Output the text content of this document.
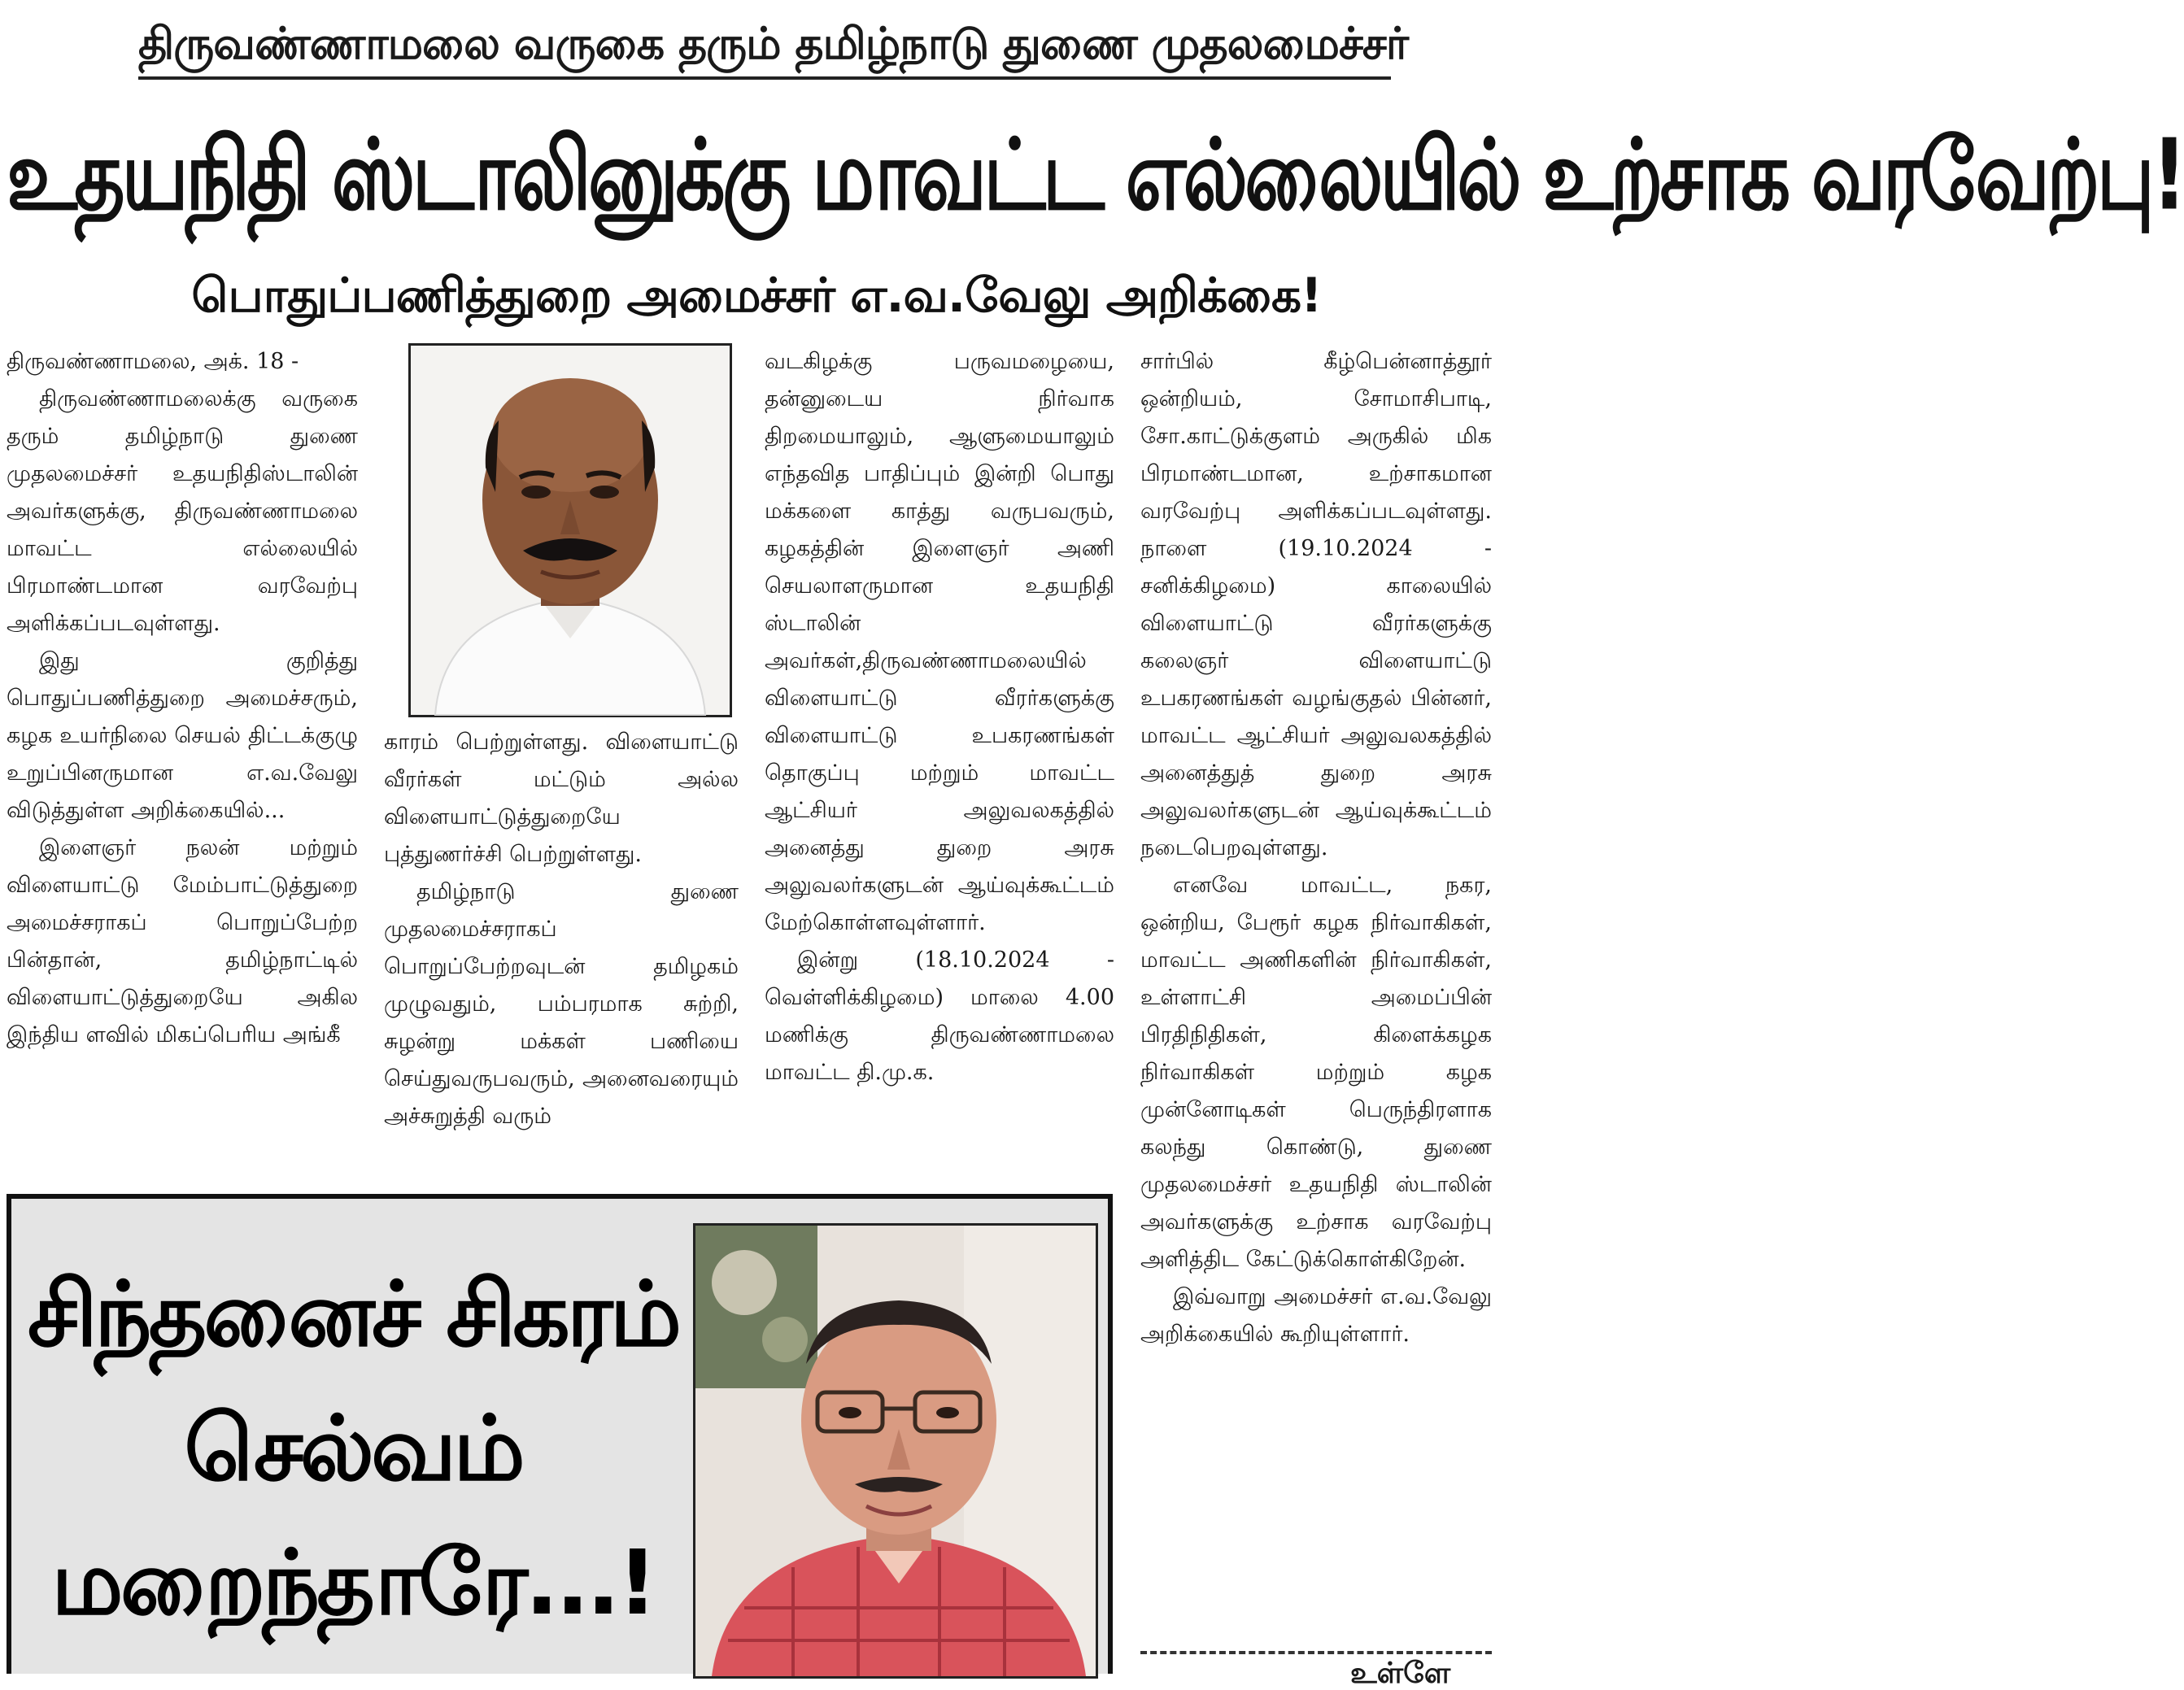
திருவண்ணாமலை வருகை தரும் தமிழ்நாடு துணை முதலமைச்சர்
உதயநிதி ஸ்டாலினுக்கு மாவட்ட எல்லையில் உற்சாக வரவேற்பு!
பொதுப்பணித்துறை அமைச்சர் எ.வ.வேலு அறிக்கை!

திருவண்ணாமலை, அக். 18 -

திருவண்ணாமலைக்கு வருகை தரும் தமிழ்நாடு துணை முதலமைச்சர் உதயநிதிஸ்டாலின் அவர்களுக்கு, திருவண்ணாமலை மாவட்ட எல்லையில் பிரமாண்டமான வரவேற்பு அளிக்கப்படவுள்ளது.

இது குறித்து பொதுப்பணித்துறை அமைச்சரும், கழக உயர்நிலை செயல் திட்டக்குழு உறுப்பினருமான எ.வ.வேலு விடுத்துள்ள அறிக்கையில்...

இளைஞர் நலன் மற்றும் விளையாட்டு மேம்பாட்டுத்துறை அமைச்சராகப் பொறுப்பேற்ற பின்தான், தமிழ்நாட்டில் விளையாட்டுத்துறையே அகில இந்திய ளவில் மிகப்பெரிய அங்கீ

காரம் பெற்றுள்ளது. விளையாட்டு வீரர்கள் மட்டும் அல்ல விளையாட்டுத்துறையே புத்துணர்ச்சி பெற்றுள்ளது.

தமிழ்நாடு துணை முதலமைச்சராகப் பொறுப்பேற்றவுடன் தமிழகம் முழுவதும், பம்பரமாக சுற்றி, சுழன்று மக்கள் பணியை செய்துவருபவரும், அனைவரையும் அச்சுறுத்தி வரும்

வடகிழக்கு பருவமழையை, தன்னுடைய நிர்வாக திறமையாலும், ஆளுமையாலும் எந்தவித பாதிப்பும் இன்றி பொது மக்களை காத்து வருபவரும், கழகத்தின் இளைஞர் அணி செயலாளருமான உதயநிதி ஸ்டாலின் அவர்கள்,திருவண்ணாமலையில் விளையாட்டு வீரர்களுக்கு விளையாட்டு உபகரணங்கள் தொகுப்பு மற்றும் மாவட்ட ஆட்சியர் அலுவலகத்தில் அனைத்து துறை அரசு அலுவலர்களுடன் ஆய்வுக்கூட்டம் மேற்கொள்ளவுள்ளார்.

இன்று (18.10.2024 - வெள்ளிக்கிழமை) மாலை 4.00 மணிக்கு திருவண்ணாமலை மாவட்ட தி.மு.க.

சார்பில் கீழ்பென்னாத்தூர் ஒன்றியம், சோமாசிபாடி, சோ.காட்டுக்குளம் அருகில் மிக பிரமாண்டமான, உற்சாகமான வரவேற்பு அளிக்கப்படவுள்ளது. நாளை (19.10.2024 - சனிக்கிழமை) காலையில் விளையாட்டு வீரர்களுக்கு கலைஞர் விளையாட்டு உபகரணங்கள் வழங்குதல் பின்னர், மாவட்ட ஆட்சியர் அலுவலகத்தில் அனைத்துத் துறை அரசு அலுவலர்களுடன் ஆய்வுக்கூட்டம் நடைபெறவுள்ளது.

எனவே மாவட்ட, நகர, ஒன்றிய, பேரூர் கழக நிர்வாகிகள், மாவட்ட அணிகளின் நிர்வாகிகள், உள்ளாட்சி அமைப்பின் பிரதிநிதிகள், கிளைக்கழக நிர்வாகிகள் மற்றும் கழக முன்னோடிகள் பெருந்திரளாக கலந்து கொண்டு, துணை முதலமைச்சர் உதயநிதி ஸ்டாலின் அவர்களுக்கு உற்சாக வரவேற்பு அளித்திட கேட்டுக்கொள்கிறேன்.

இவ்வாறு அமைச்சர் எ.வ.வேலு அறிக்கையில் கூறியுள்ளார்.

சிந்தனைச் சிகரம்
செல்வம்
மறைந்தாரே...!
உள்ளே
